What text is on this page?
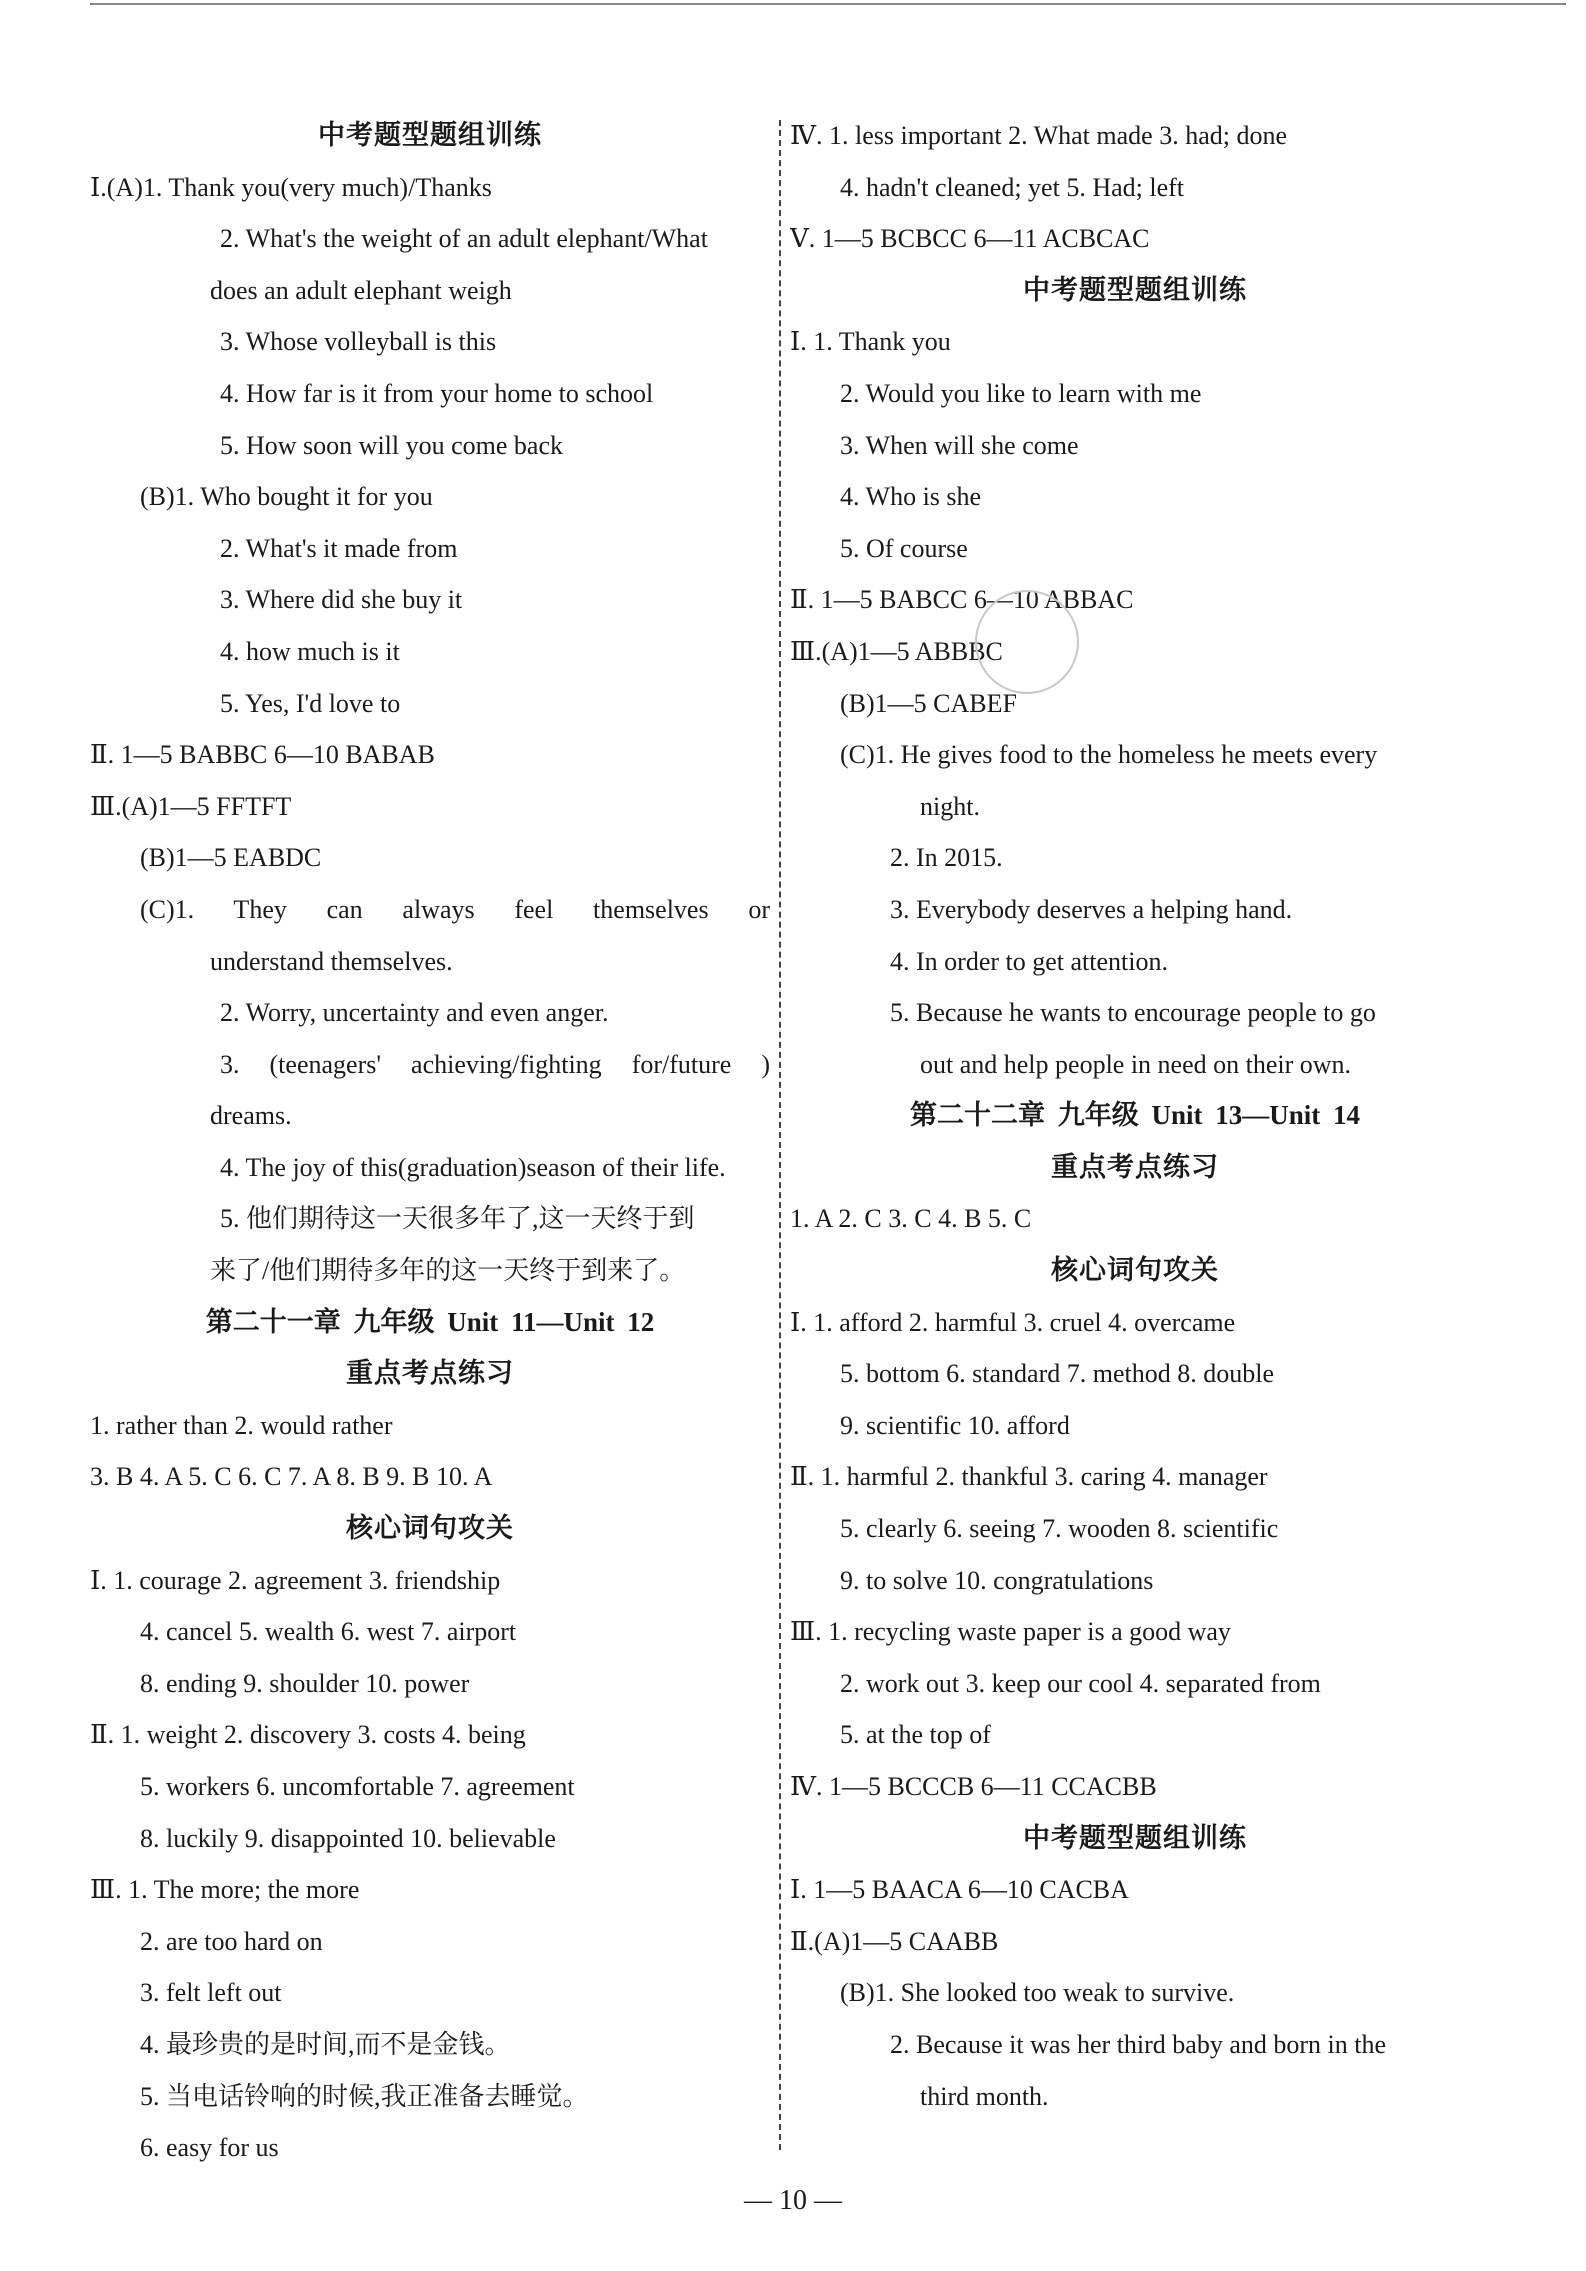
中考题型题组训练
Ⅰ.(A)1. Thank you(very much)/Thanks
2. What's the weight of an adult elephant/What
does an adult elephant weigh
3. Whose volleyball is this
4. How far is it from your home to school
5. How soon will you come back
(B)1. Who bought it for you
2. What's it made from
3. Where did she buy it
4. how much is it
5. Yes, I'd love to
Ⅱ. 1—5 BABBC 6—10 BABAB
Ⅲ.(A)1—5 FFTFT
(B)1—5 EABDC
(C)1. They can always feel themselves or
understand themselves.
2. Worry, uncertainty and even anger.
3. (teenagers' achieving/fighting for/future )
dreams.
4. The joy of this(graduation)season of their life.
5. 他们期待这一天很多年了,这一天终于到
来了/他们期待多年的这一天终于到来了。
第二十一章 九年级 Unit 11—Unit 12
重点考点练习
1. rather than 2. would rather
3. B 4. A 5. C 6. C 7. A 8. B 9. B 10. A
核心词句攻关
Ⅰ. 1. courage 2. agreement 3. friendship
4. cancel 5. wealth 6. west 7. airport
8. ending 9. shoulder 10. power
Ⅱ. 1. weight 2. discovery 3. costs 4. being
5. workers 6. uncomfortable 7. agreement
8. luckily 9. disappointed 10. believable
Ⅲ. 1. The more; the more
2. are too hard on
3. felt left out
4. 最珍贵的是时间,而不是金钱。
5. 当电话铃响的时候,我正准备去睡觉。
6. easy for us
Ⅳ. 1. less important 2. What made 3. had; done
4. hadn't cleaned; yet 5. Had; left
Ⅴ. 1—5 BCBCC 6—11 ACBCAC
中考题型题组训练
Ⅰ. 1. Thank you
2. Would you like to learn with me
3. When will she come
4. Who is she
5. Of course
Ⅱ. 1—5 BABCC 6—10 ABBAC
Ⅲ.(A)1—5 ABBBC
(B)1—5 CABEF
(C)1. He gives food to the homeless he meets every
night.
2. In 2015.
3. Everybody deserves a helping hand.
4. In order to get attention.
5. Because he wants to encourage people to go
out and help people in need on their own.
第二十二章 九年级 Unit 13—Unit 14
重点考点练习
1. A 2. C 3. C 4. B 5. C
核心词句攻关
Ⅰ. 1. afford 2. harmful 3. cruel 4. overcame
5. bottom 6. standard 7. method 8. double
9. scientific 10. afford
Ⅱ. 1. harmful 2. thankful 3. caring 4. manager
5. clearly 6. seeing 7. wooden 8. scientific
9. to solve 10. congratulations
Ⅲ. 1. recycling waste paper is a good way
2. work out 3. keep our cool 4. separated from
5. at the top of
Ⅳ. 1—5 BCCCB 6—11 CCACBB
中考题型题组训练
Ⅰ. 1—5 BAACA 6—10 CACBA
Ⅱ.(A)1—5 CAABB
(B)1. She looked too weak to survive.
2. Because it was her third baby and born in the
third month.
— 10 —
